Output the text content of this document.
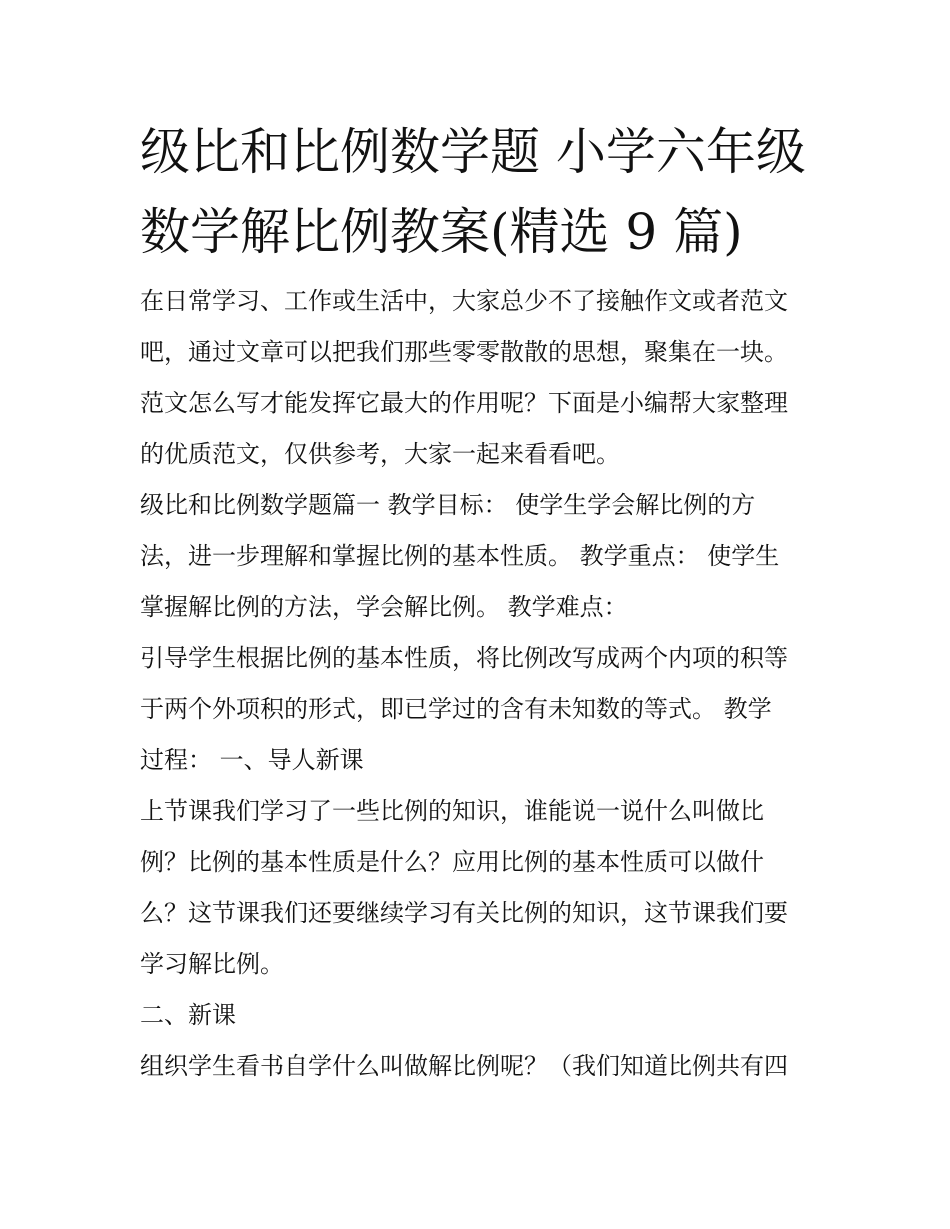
级比和比例数学题 小学六年级
数学解比例教案(精选 9 篇)

在日常学习、工作或生活中，大家总少不了接触作文或者范文
吧，通过文章可以把我们那些零零散散的思想，聚集在一块。
范文怎么写才能发挥它最大的作用呢？下面是小编帮大家整理
的优质范文，仅供参考，大家一起来看看吧。

级比和比例数学题篇一 教学目标： 使学生学会解比例的方
法，进一步理解和掌握比例的基本性质。 教学重点： 使学生
掌握解比例的方法，学会解比例。 教学难点：

引导学生根据比例的基本性质，将比例改写成两个内项的积等
于两个外项积的形式，即已学过的含有未知数的等式。 教学
过程： 一、导人新课

上节课我们学习了一些比例的知识，谁能说一说什么叫做比
例？比例的基本性质是什么？应用比例的基本性质可以做什
么？这节课我们还要继续学习有关比例的知识，这节课我们要
学习解比例。

二、新课

组织学生看书自学什么叫做解比例呢？（我们知道比例共有四
